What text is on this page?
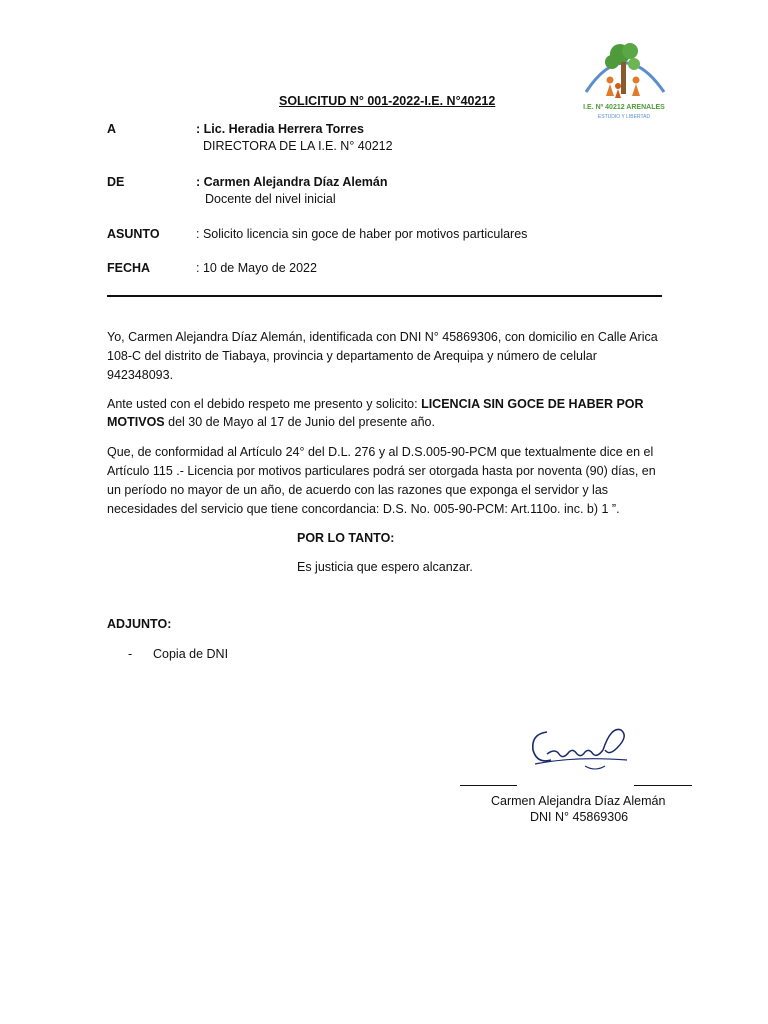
I.E. Nº 40212 ARENALES
ESTUDIO Y LIBERTAD
SOLICITUD N° 001-2022-I.E. N°40212
A	: Lic. Heradia Herrera Torres
DIRECTORA DE LA I.E. N° 40212
DE	: Carmen Alejandra Díaz Alemán
Docente del nivel inicial
ASUNTO	: Solicito licencia sin goce de haber por motivos particulares
FECHA	: 10 de Mayo de 2022
Yo, Carmen Alejandra Díaz Alemán, identificada con DNI N° 45869306, con domicilio en Calle Arica
108-C del distrito de Tiabaya, provincia y departamento de Arequipa y número de celular
942348093.
Ante usted con el debido respeto me presento y solicito: LICENCIA SIN GOCE DE HABER POR
MOTIVOS del 30 de Mayo al 17 de Junio del presente año.
Que, de conformidad al Artículo 24° del D.L. 276 y al D.S.005-90-PCM que textualmente dice en el
Artículo 115 .- Licencia por motivos particulares podrá ser otorgada hasta por noventa (90) días, en
un período no mayor de un año, de acuerdo con las razones que exponga el servidor y las
necesidades del servicio que tiene concordancia: D.S. No. 005-90-PCM: Art.110o. inc. b) 1 ”.
POR LO TANTO:
Es justicia que espero alcanzar.
ADJUNTO:
- Copia de DNI
Carmen Alejandra Díaz Alemán
DNI N° 45869306
